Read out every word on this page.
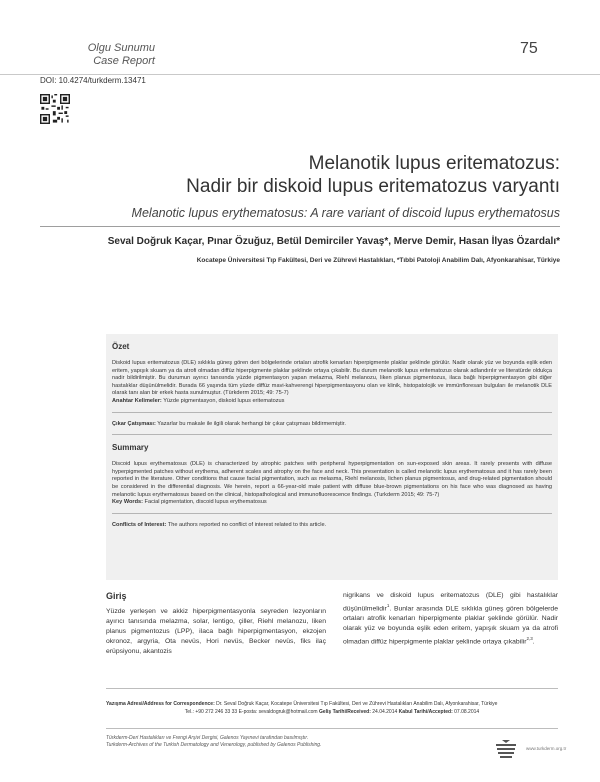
Olgu Sunumu
Case Report
75
DOI: 10.4274/turkderm.13471
Melanotik lupus eritematozus:
Nadir bir diskoid lupus eritematozus varyantı
Melanotic lupus erythematosus: A rare variant of discoid lupus erythematosus
Seval Doğruk Kaçar, Pınar Özuğuz, Betül Demirciler Yavaş*, Merve Demir, Hasan İlyas Özardalı*
Kocatepe Üniversitesi Tıp Fakültesi, Deri ve Zührevi Hastalıkları, *Tıbbi Patoloji Anabilim Dalı, Afyonkarahisar, Türkiye
Özet

Diskoid lupus eritematozus (DLE) sıklıkla güneş gören deri bölgelerinde ortaları atrofik kenarları hiperpigmente plaklar şeklinde görülür. Nadir olarak yüz ve boyunda eşlik eden eritem, yapışık skuam ya da atrofi olmadan diffüz hiperpigmente plaklar şeklinde ortaya çıkabilir. Bu durum melanotik lupus eritematozus olarak adlandırılır ve literatürde oldukça nadir bildirilmiştir. Bu durumun ayırıcı tanısında yüzde pigmentasyon yapan melazma, Riehl melanozu, liken planus pigmentozus, ilaca bağlı hiperpigmentasyon gibi diğer hastalıklar düşünülmelidir. Burada 66 yaşında tüm yüzde diffüz mavi-kahverengi hiperpigmentasyonu olan ve klinik, histopatolojik ve immünfloresan bulguları ile melanotik DLE olarak tanı alan bir erkek hasta sunulmuştur. (Türkderm 2015; 49: 75-7)

Anahtar Kelimeler: Yüzde pigmentasyon, diskoid lupus eritematozus

Çıkar Çatışması: Yazarlar bu makale ile ilgili olarak herhangi bir çıkar çatışması bildirmemiştir.

Summary

Discoid lupus erythematosus (DLE) is characterized by atrophic patches with peripheral hyperpigmentation on sun-exposed skin areas. It rarely presents with diffuse hyperpigmented patches without erythema, adherent scales and atrophy on the face and neck. This presentation is called melanotic lupus erythematosus and it has rarely been reported in the literature. Other conditions that cause facial pigmentation, such as melasma, Riehl melanosis, lichen planus pigmentosus, and drug-related pigmentation should be considered in the differential diagnosis. We herein, report a 66-year-old male patient with diffuse blue-brown pigmentations on his face who was diagnosed as having melanotic lupus erythematosus based on the clinical, histopathological and immunofluorescence findings. (Turkderm 2015; 49: 75-7)

Key Words: Facial pigmentation, discoid lupus erythematosus

Conflicts of Interest: The authors reported no conflict of interest related to this article.

Giriş
Yüzde yerleşen ve akkiz hiperpigmentasyonla seyreden lezyonların ayırıcı tanısında melazma, solar, lentigo, çiller, Riehl melanozu, liken planus pigmentozus (LPP), ilaca bağlı hiperpigmentasyon, ekzojen okronoz, argyria, Ota nevüs, Hori nevüs, Becker nevüs, fiks ilaç erüpsiyonu, akantozis
nigrikans ve diskoid lupus eritematozus (DLE) gibi hastalıklar düşünülmelidir$^1$. Bunlar arasında DLE sıklıkla güneş gören bölgelerde ortaları atrofik kenarları hiperpigmente plaklar şeklinde görülür. Nadir olarak yüz ve boyunda eşlik eden eritem, yapışık skuam ya da atrofi olmadan diffüz hiperpigmente plaklar şeklinde ortaya çıkabilir$^{2,3}$.
Yazışma Adresi/Address for Correspondence: Dr. Seval Doğruk Kaçar, Kocatepe Üniversitesi Tıp Fakültesi, Deri ve Zührevi Hastalıkları Anabilim Dalı, Afyonkarahisar, Türkiye
Tel.: +90 272 246 33 33 E-posta: sevaldogruk@hotmail.com Geliş Tarihi/Received: 24.04.2014 Kabul Tarihi/Accepted: 07.08.2014
Türkderm-Deri Hastalıkları ve Frengi Arşivi Dergisi, Galenos Yayınevi tarafından basılmıştır.
Turkderm-Archives of the Turkish Dermatology and Venerology, published by Galenos Publishing.
www.turkderm.org.tr
